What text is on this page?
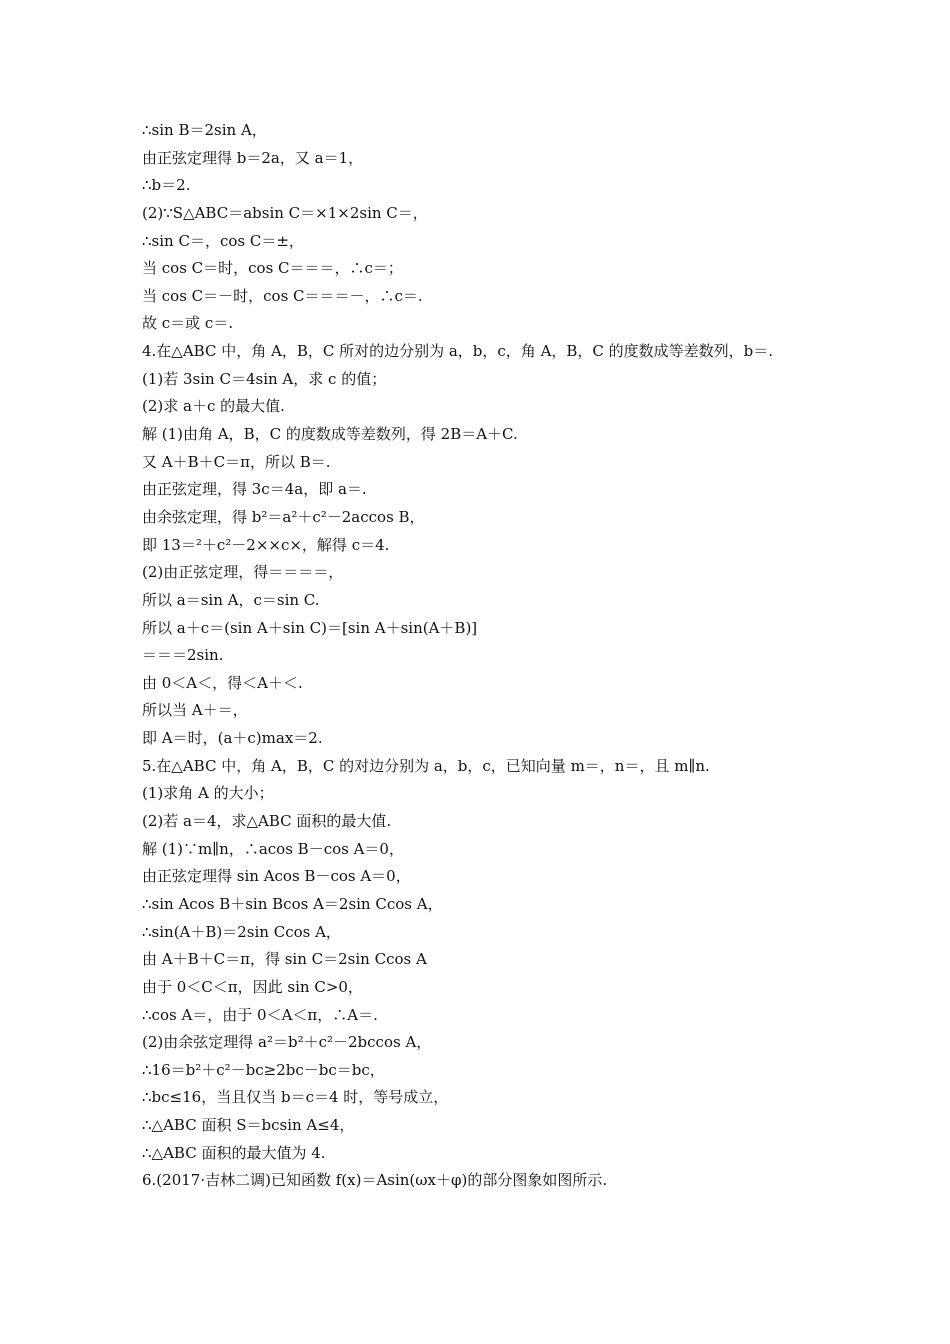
∴sin B＝2sin A，
由正弦定理得 b＝2a，又 a＝1，
∴b＝2.
(2)∵S△ABC＝absin C＝×1×2sin C＝，
∴sin C＝，cos C＝±，
当 cos C＝时，cos C＝＝＝，∴c＝；
当 cos C＝－时，cos C＝＝＝－，∴c＝.
故 c＝或 c＝.
4.在△ABC 中，角 A，B，C 所对的边分别为 a，b，c，角 A，B，C 的度数成等差数列，b＝.
(1)若 3sin C＝4sin A，求 c 的值；
(2)求 a＋c 的最大值.
解 (1)由角 A，B，C 的度数成等差数列，得 2B＝A＋C.
又 A＋B＋C＝π，所以 B＝.
由正弦定理，得 3c＝4a，即 a＝.
由余弦定理，得 b²＝a²＋c²－2accos B，
即 13＝²＋c²－2××c×，解得 c＝4.
(2)由正弦定理，得＝＝＝＝，
所以 a＝sin A，c＝sin C.
所以 a＋c＝(sin A＋sin C)＝[sin A＋sin(A＋B)]
＝＝＝2sin.
由 0＜A＜，得＜A＋＜.
所以当 A＋＝，
即 A＝时，(a＋c)max＝2.
5.在△ABC 中，角 A，B，C 的对边分别为 a，b，c，已知向量 m＝，n＝，且 m∥n.
(1)求角 A 的大小；
(2)若 a＝4，求△ABC 面积的最大值.
解 (1)∵m∥n，∴acos B－cos A＝0，
由正弦定理得 sin Acos B－cos A＝0，
∴sin Acos B＋sin Bcos A＝2sin Ccos A，
∴sin(A＋B)＝2sin Ccos A，
由 A＋B＋C＝π，得 sin C＝2sin Ccos A
由于 0＜C＜π，因此 sin C>0，
∴cos A＝，由于 0＜A＜π，∴A＝.
(2)由余弦定理得 a²＝b²＋c²－2bccos A，
∴16＝b²＋c²－bc≥2bc－bc＝bc，
∴bc≤16，当且仅当 b＝c＝4 时，等号成立，
∴△ABC 面积 S＝bcsin A≤4，
∴△ABC 面积的最大值为 4.
6.(2017·吉林二调)已知函数 f(x)＝Asin(ωx＋φ)的部分图象如图所示.
